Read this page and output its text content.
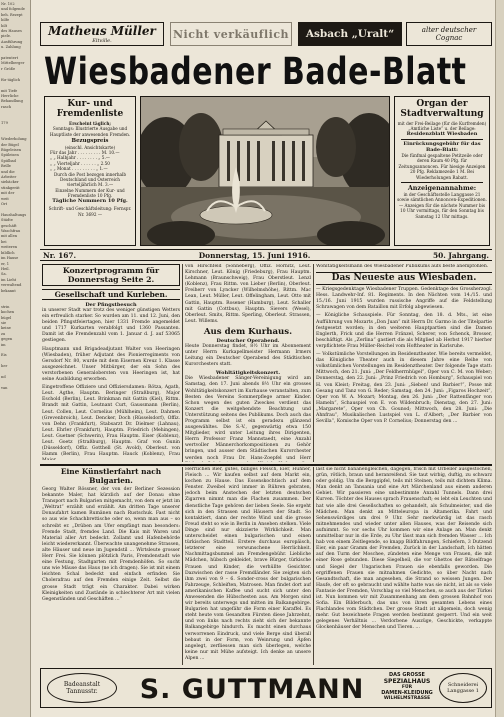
Nr. 102
und folgende
beh. Rezept
hilfe
hilt
des Hauses
piele.
Ausführung
u. Zahlung

patentert
Mittelberger
r Größe

für täglich

mit Tiefe
Herrliche
Behandlung
rasch

179

Wiederholung
der Bügel
Bügeleisen
Spüleisen
Spülbad
Brille
und die
Arbeiter
siebäcker
stinkgerät
mit der
weit
Ort

Haushaltungs
Städte
geschäft
Waschfrau
mit allen
bei
weiteren
bildlich
im Hause
er, 1
Heil.
Sa.
im Lieht
verwaltend
bekannt

strin
kochen
bügel
sie
keine
zu
gegen
im

Eis

her

nd

van
Matheus Müller
Eltville.	Nicht verkäuflich Asbach „Uralt“	alter deutscher
Cognac
Wiesbadener Bade-Blatt
Kur- und Fremdenliste
Erscheint täglich;
Sonntags: Illustrierte Ausgabe und Hauptliste der anwesenden Fremden.
Bezugspreis
(einschl. Ansichtskarte)
Für das Jahr . . . . . . . . . M. 10.—
„ „ Halbjahr . . . . . . . . „ 5.—
„ „ Vierteljahr . . . . . . „ 2.50
„ „ Monat . . . . . . . . . „ 1.—
Durch die Post bezogen innerhalb Deutschland und Österreich vierteljährlich M. 3.—
Einzelne Nummern der Kur- und Fremdenliste 10 Pfg.
Tägliche Nummern 10 Pfg.
Schrift- und Geschäftsleitung: Fernspr. Nr. 3692 —
Organ der Stadtverwaltung
mit der Frei-Beilage (für die Kurfremden) „Amtliche Liste“ u. der Beilage:
Residenzblatt Wiesbaden
Einrückungsgebühr für das Bade-Blatt:
Die fünfmal gespaltene Petitzeile oder deren Raum 40 Pfg. für Zeitungsannoncen. Für hiesige Anzeigen 20 Pfg. Reklamezeile 1 M. Bei Wiederholungen Rabatt.
Anzeigenannahme:
in der Geschäftsstelle Langgasse 21 sowie sämtlichen Annoncen-Expeditionen. — Anzeigen für die nächste Nummer bis 10 Uhr vormittags, für den Sonntag bis Samstag 12 Uhr mittags.
Nr. 167.	Donnerstag, 15. Juni 1916.	50. Jahrgang.
Konzertprogramm für Donnerstag Seite 2.
Gesellschaft und Kurleben.
Der Pfingstbesuch

in unserer Stadt war trotz des weniger günstigen Wetters ein erfreulich starker. So wurden am 11. und 12. Juni, den beiden Pfingstfeiertagen, hier 1331 Fremde angemeldet und 1717 Kurkarten verabfolgt und 1360 Passanten. Damit ist die Fremdenzahl vom 1. Januar d. J. auf 53065 gestiegen.

Hauptmann und Brigadeadjutant Walter von Heeringen (Wiesbaden), früher Adjutant des Pionierregiments von Gersdorf Nr. 80, wurde mit dem Eisernen Kreuz 1. Klasse ausgezeichnet. Unser Mitbürger, der ein Sohn des verstorbenen Generalobersten von Heeringen ist, hat seine Ausbildung erworben.

Eingetroffene Offiziere und Offiziersdamen: Rötza, Agath, Leut. Agthe, Hauptm. Beringer (Straßburg), Major Eschold (Berlin), Leut. Brinkman mit Gattin (Kiel), Rittm. Brandt mit Gattin, Leutnant Curt, Gaussmann (Berlin), Leut. Collen, Leut. Cornelius (Mühlheim), Leut. Dahmen (Grevenbroich), Leut. Dencker, Doch (Rüsselsdorf), Offiz. von Dehn (Frankfurt), Stabsarzt Dr. Dielmer (Lahnau), Leut. Ehrler (Frankfurt), Hauptm. Friedrich (Mehingen), Leut. Guetner (Schwerin), Frau Hauptm. Eiser (Koblenz), Leut. Goetz (Straßburg), Hauptm. Graf von Gunin (Düsseldorf), Offiz. Gotthell (St. Avold), Oberleut. von Hamm (Berlin), Frau Hauptm. Hauck (Koblenz), Frau

von Hirschfeld (Sonneberg), Offiz. Hornitz, Leut. Kirschner, Leut. König (Friedeburg), Frau Hauptm. Lehmann (Braunschweig), Frau Oberstleut. Lenzl (Koblenz), Frau Rittm. von Lieber (Berlin), Oberleut. Freiherr von Lyncker (Wilhelmshöhe), Rittm. Mac Lean, Leut. Müller, Leut. Offelingham, Leut. Otto mit Gattin, Hauptm. Rosener (Hamburg), Leut. Schaller mit Gattin (Cottbus), Hauptm. Sievers (Wesel), Oberleut. Smits, Rittm. Sperling, Oberleut. Strassen, Leut. Willems.

Aus dem Kurhaus.
Deutscher Operabend.

Heute Donnerstag findet, 8½ Uhr im Abonnement unter Herrn Kurkapellmeister Hermann Irmers Leitung ein Deutscher Operabend des Städtischen Kurorchesters statt.

Wohltätigkeitskonzert.

Die Wiesbadener Sänger-Vereinigung wird am Samstag, den 17. Juni abends 8½ Uhr ein grosses Wohltätigkeitskonzert im Kurhause veranstalten, zum Besten des Vereins Sommerpflege armer Kinder. Schon wegen des guten Zweckes verdient das Konzert die weitgehendste Beachtung und Unterstützung seitens des Publikums. Doch auch das Programm selbst ist ein geradezu glänzend ausgewähltes. Die S.-V., gegenwärtig etwa 150 Mitglieder, wird unter Leitung ihres Dirigenten, Herrn Professor Franz Mannstaedt, eine Anzahl wertvoller Männerchorkompositionen zu Gehör bringen, und ausser dem Städtischen Kurorchester werden noch Frau Dr. Hans-Zoepfel und Herr

Wohltätigkeitsmann des Wiesbadener Publikums aufs beste anempfohlen.

Das Neueste aus Wiesbaden.

— Kriegsgedenktage Wiesbadener Truppen. Gedenktage des Grossherzogl. Hess. Landwehr-Inf. 81. Regiments. In den Nächten vom 14./15. und 15./16. Juni 1915 wurden russische Angriffe auf die Feldstellung Schrawagen von dem Bataillon mit Erfolg abgewiesen.

— Königliche Schauspiele. Für Sonntag, den 18. d. Mts., ist eine Aufführung von Mozarts „Don Juan“ mit Herrn Dr. Garmo in der Titelpartie festgesetzt worden; in den weiteren Hauptpartien sind die Damen Englerth, Frick und die Herren Fränzel, Scherer, von Schenck, Brosser, beschäftigt. Als „Zerlina“ gastiert die als Mitglied ab Herbst 1917 hierher verpflichtete Frau Müller-Reichel vom Hoftheater in Karlsruhe.

— Volkstümliche Vorstellungen im Residenztheater. Wie bereits vermeldet, das Königliche Theater auch in diesem Jahre eine Reihe von volkstümlichen Vorstellungen im Residenztheater. Der folgende Tage statt: Mittwoch, den 21. Juni: „Der Feldherrnhügel“, Oper von C. M. von Weber; Donnerstag, den 22. Juni: „Prinz Friedrich von Homburg“, Schauspiel von H. von Kleist; Freitag, den 23. Juni: „Sieben! und Barbier!“, Posse mit Gesang und Tanz von G. Reder; Samstag, den 24. Juni: „Figaros Hochzeit“, Oper von W. A. Mozart; Montag, den 26. Juni: „Der Rattenfänger von Hameln“, Schauspiel von E. von Wildenbruch; Dienstag, den 27. Juni: „Margarete“, Oper von Ch. Gounod; Mittwoch, den 28. Juni: „Die Ahnfrau“, Musikalischen Lustspiel von L. d’Albert; „Der Barbier von Sevilla“, Komische Oper von P. Cornelius; Donnerstag den …

Eine Künstlerfahrt nach Bulgarien.

Georg Walter Rössner, der von der Berliner Sezession bekannte Maler, hat kürzlich auf der Donau ohne Transport nach Bulgarien mitgemacht, von dem er jetzt im „Weltrat“ erzählt und erzählt. Am dritten Tage unserer Donaufahrt kamen Rumänen nach Rustschuk. Fast nicht so aus wie Schachbrettische oder so, wenn man aus – so schreibt er. „Drüben am Ufer empfängt man besonders: Fremde Stadt, fremdes Land. Die Kais mit Waren und Material aller Art bedeckt. Zollamt und Hafenbehörde leicht wiedererkannt. Überwachte unangenehme Strassen, alte Häuser und neue im Jugendstil … Wirtsleute grosser Herr Frei. Sie können plötzlich Paris, Fremdenstadt wie eine Festung, Stadtgarten mit Fremdenhöfen. So sucht uns wie Mäuse das Haus (ne ich dragen). Sie ist mit einem leichten Schal bedeckt und einfach erfinden Sie Cholerafrau auf den Fremden einige Zeit. Selbst die grosse Stadt trägt ein Charakter. Dabei wirken Kleinigkeiten und Zustände in schlechterer Art mit vielen Gegenständen und Geschäften …“

Herrlichen Bier, gutes, billiges Fleisch, Eier, Hühner, Fleisch … Wir kaufen selbst auf dem Markt ein, kochen zu Hause. Das Essenskochtisch auf dem Fenster. Zweibel wird immer in Rühren gebraten, jedoch beim Anstechen der letzten deutschen Zigarren nimmt man die Flachen zusammen. Der dienstliche Tage gehören der lieben Seele. Sie ergeht sich in den Strassen und Häusern der Stadt. So kontaktiert, dann der rechte Wind und die grosse Freud steht so wie in Berlin in Anseben stelken. Viele Dinge sind nur skizzierte Wirklichkeit. Man unterscheidet einen bulgarischen und einen türkischen Stadtteil. Erstere durchaus europäisch, letzterer eine verwunschene Herrlichkeit. Nachmittagsbummel am Fremdengebühr. Liebliche Mädchen, hübsch gekleidet, brave Bürger, türkische Frauen und Kinder, die verhüllte Gesichter. Dazwischen der rasse Fremdländer. Sie zeigten sich ihm zwei von 9 – 6. Sonder-cross der bulgarischen Fahrzeuge, Schleiften, Matrosen. Man findet dort auf amerikanischen Kaffee und sucht sich unter den Anwesenden die Hübschesten aus. Am Morgen sind wir bereits unterwegs und mitten im Balkangebirge. Bulgarien hat ungefähr die Form einer Karaffel. Es steht heute vom Gesandten Fürsten diese Jahrzehnt, und von links nach rechts zieht sich der bekannte Balkangebirge hindurch. Es macht einen durchaus verworrenen Eindruck, und viele Berge sind überall bebaut in der Form, von Weinrung und Äpfen angelegt, zerfliessen man sich überlegen, welche keine nur mit Mühe aufsteigt. Ich denke an unsere Alpen …

last sie nicht bananengleichen, dagegen, frisch mit Orbeller ausgestochen, grün, rötlich, braun und heranreifend. Sie taut wirbig, duftig, zu schwarz oder goldig. Um die Berggipfel, teils mit Steinen, teils mit dichtem Klima. Man denkt an Tansania und eine Art Märchenland aus einem anderen Gebiet. Wir passieren eine unbestimmte Anzahl Tunnels. Dann drei Kurven. Töchter des Hauses sprach Frauenschaft; es lebt ein Leuchten und hat wie alle drei Gesellschaften so gehandelt, als Schulmeister, und die Mädchen. Man denkt an Mitteleuropa in Altamerika. Fahrt und Sehenswürdiges um drei 9 Uhr. Sehr merkwürdig ist das rasch mitnehmendes und wieder unter allen Hauses, was der Reisende sich aufnimmt. So vor sechs Uhr kommen wir eine Anlage an. Man denkt unmittelbar nur in die Erde, zu Uhr lässt man sich fremden Wasser … Ich hab von einem Zeitlegende, so knapp Bildfahrungen, Schiefern, 3 Dutzend Eier, ein paar Gramm der Fremden, Zurück in der Landschaft, Ich hätten auf den Turm der Moschee, zündeten eine Menge von Frauen, die mit einer Rose gebunden. Diese Siegelheil, die vor Ghettos der Rätselfrage und Siegel der Ungarischen Frauen sie ebenfalls geworden. Die ergriffenen Frauen sie mitnahmen Gedichte, so über Nacht nach Gesandtschaft, die man angesehen, die Strand so weissen Jungen. Der Haufe, der oft so gebraucht und wählte hatte was sie nicht, ist als so viele Fantasie der Fremden, Vorschlag so viel Menschen, so auch aus der Türkei ist. Nun kommen wir mit Zusammenhang am dem grossen Bahnhof von Sofia. Ein Bilderbuch, das uns von ihren gesamten Lebens eines Flachlandes vom Städtchen. Der grosse Stadt ist allgemein, doch wenig mehr. Gut bezeichnete Fragen werden bestimmt gesperrt. Und ein weit gelegenes Verhältnis … Verdorbene Auszüge, Geschickte, verkappte Glockenhäuser der Menschen und Tieren. …

Badeanstalt Tannusstr.	S. GUTTMANN	DAS GROSSE
SPEZIALHAUS
FÜR
DAMEN-KLEIDUNG
WILHELMSTRASSE
Schneiderei Langgasse 1
